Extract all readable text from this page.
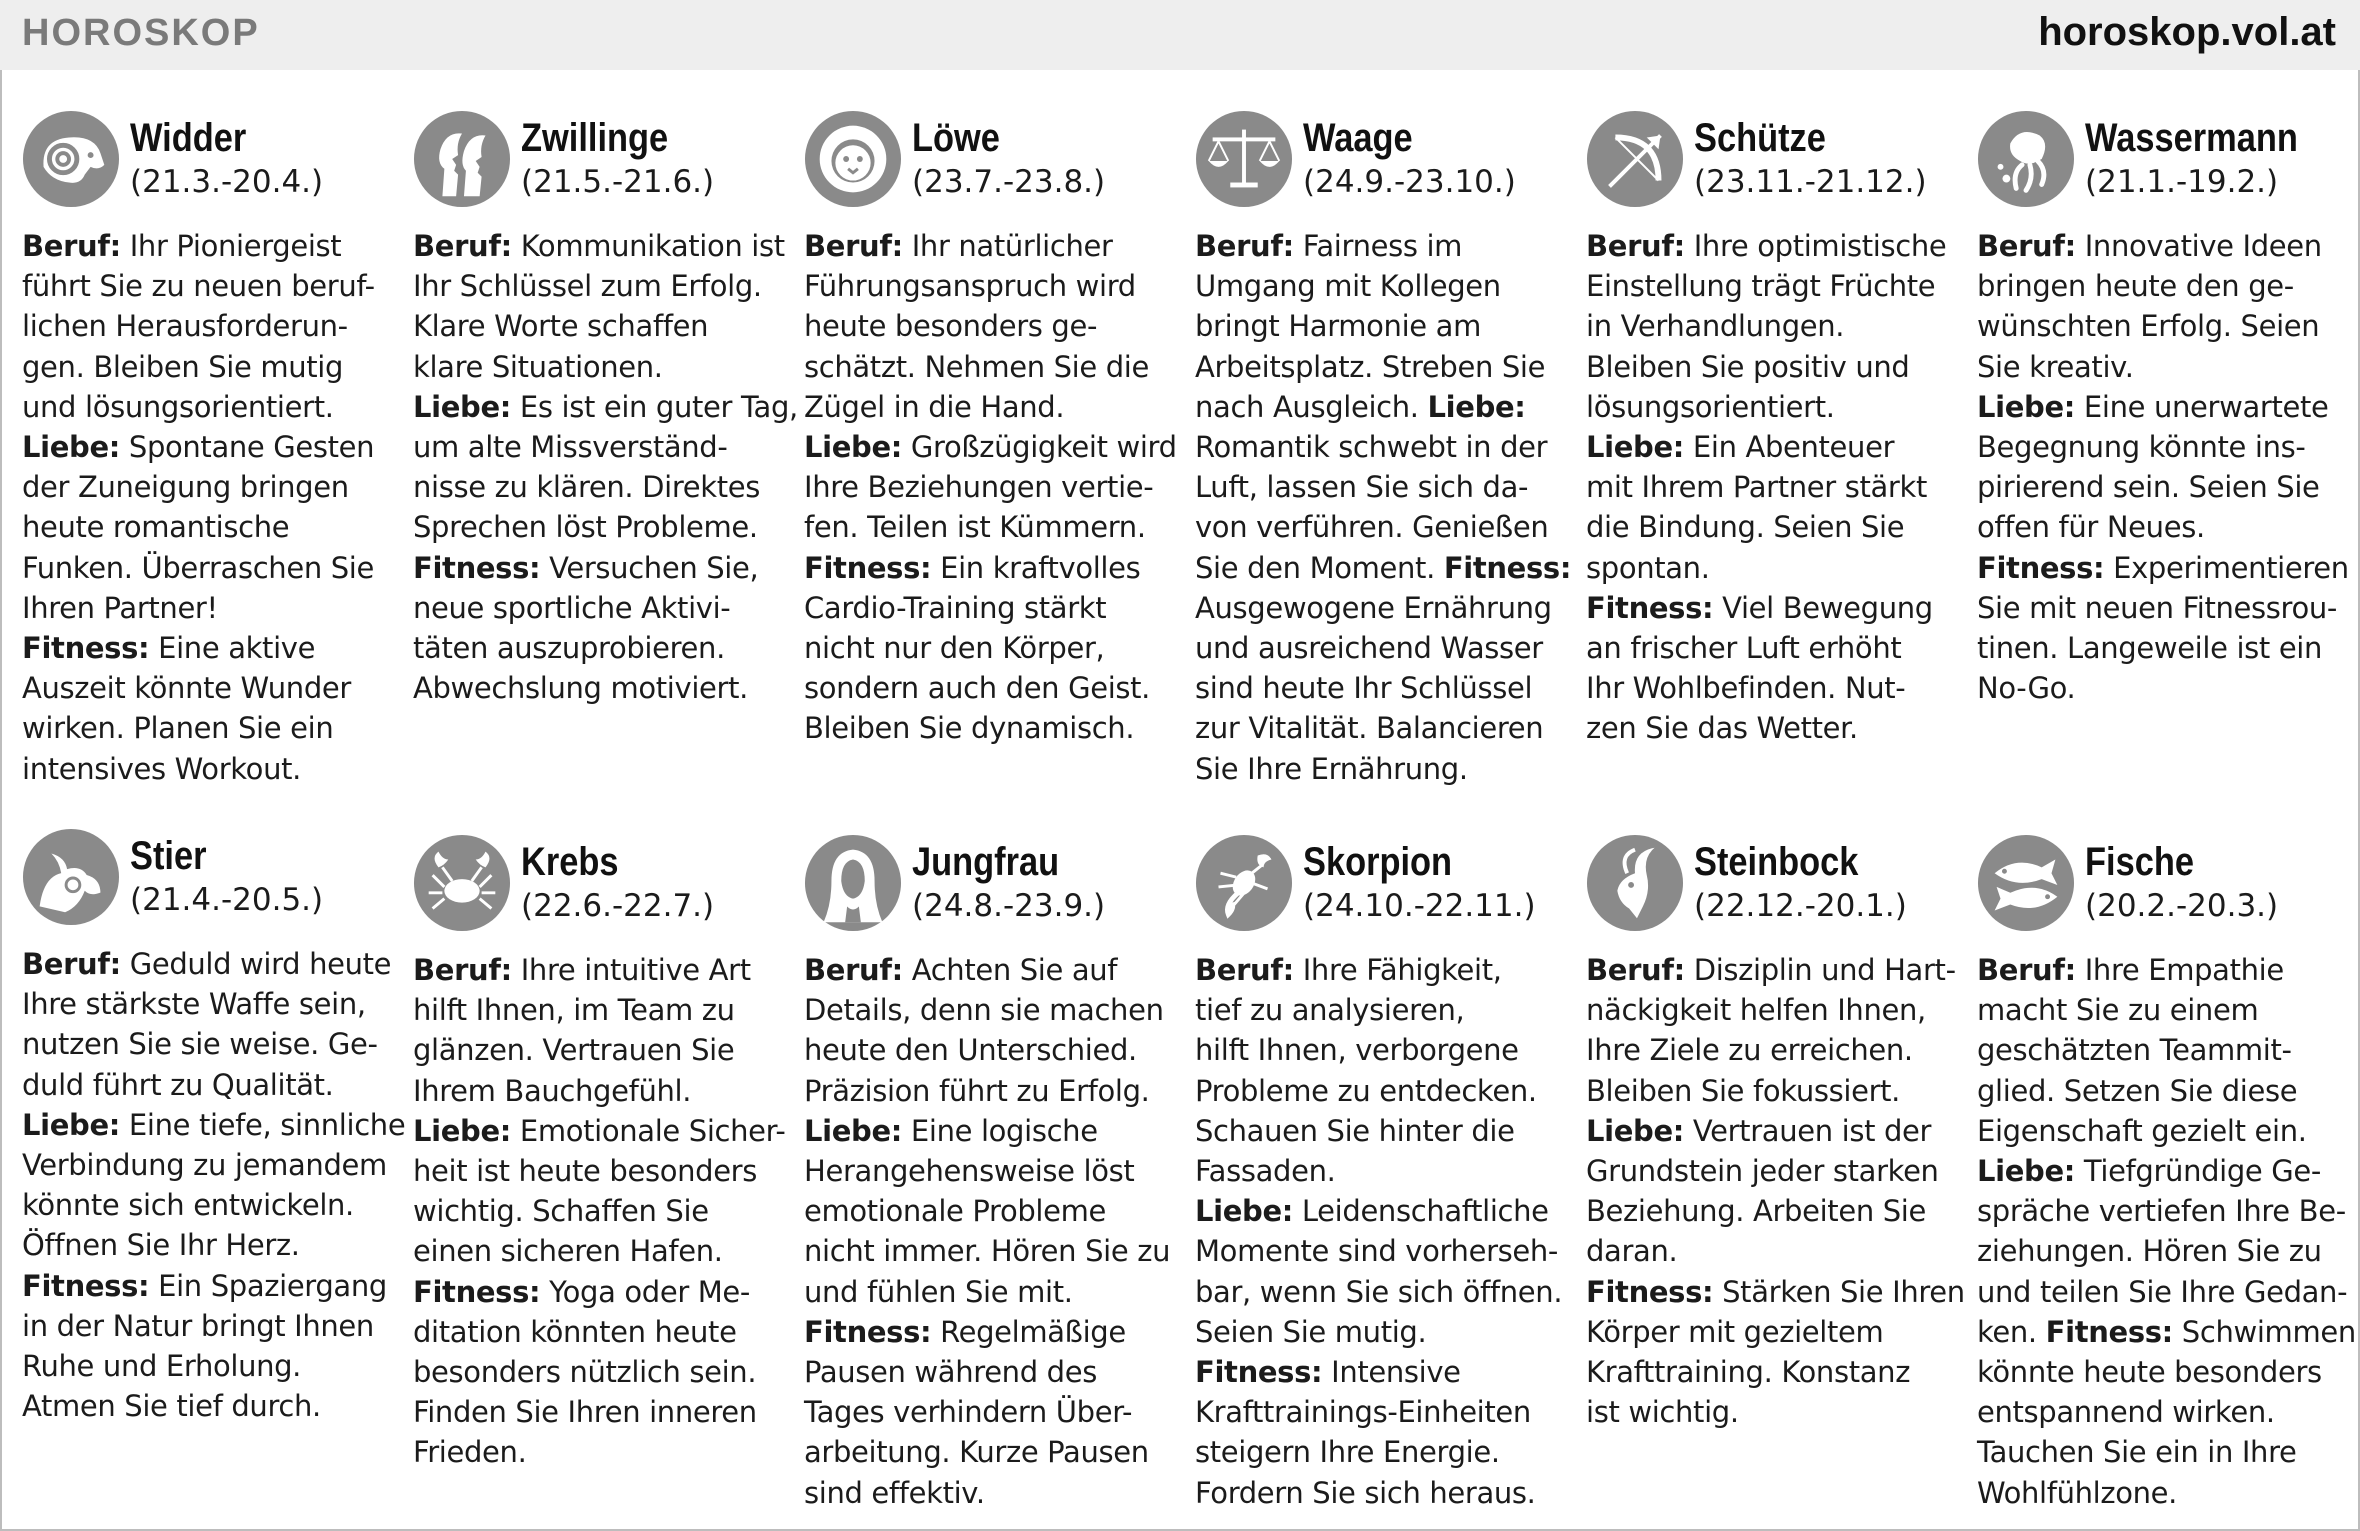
HOROSKOP	horoskop.vol.at
Widder
(21.3.-20.4.)
Beruf: Ihr Pioniergeist
führt Sie zu neuen beruf-
lichen Herausforderun-
gen. Bleiben Sie mutig
und lösungsorientiert.
Liebe: Spontane Gesten
der Zuneigung bringen
heute romantische
Funken. Überraschen Sie
Ihren Partner!
Fitness: Eine aktive
Auszeit könnte Wunder
wirken. Planen Sie ein
intensives Workout.
Zwillinge
(21.5.-21.6.)
Beruf: Kommunikation ist
Ihr Schlüssel zum Erfolg.
Klare Worte schaffen
klare Situationen.
Liebe: Es ist ein guter Tag,
um alte Missverständ-
nisse zu klären. Direktes
Sprechen löst Probleme.
Fitness: Versuchen Sie,
neue sportliche Aktivi-
täten auszuprobieren.
Abwechslung motiviert.
Löwe
(23.7.-23.8.)
Beruf: Ihr natürlicher
Führungsanspruch wird
heute besonders ge-
schätzt. Nehmen Sie die
Zügel in die Hand.
Liebe: Großzügigkeit wird
Ihre Beziehungen vertie-
fen. Teilen ist Kümmern.
Fitness: Ein kraftvolles
Cardio-Training stärkt
nicht nur den Körper,
sondern auch den Geist.
Bleiben Sie dynamisch.
Waage
(24.9.-23.10.)
Beruf: Fairness im
Umgang mit Kollegen
bringt Harmonie am
Arbeitsplatz. Streben Sie
nach Ausgleich. Liebe:
Romantik schwebt in der
Luft, lassen Sie sich da-
von verführen. Genießen
Sie den Moment. Fitness:
Ausgewogene Ernährung
und ausreichend Wasser
sind heute Ihr Schlüssel
zur Vitalität. Balancieren
Sie Ihre Ernährung.
Schütze
(23.11.-21.12.)
Beruf: Ihre optimistische
Einstellung trägt Früchte
in Verhandlungen.
Bleiben Sie positiv und
lösungsorientiert.
Liebe: Ein Abenteuer
mit Ihrem Partner stärkt
die Bindung. Seien Sie
spontan.
Fitness: Viel Bewegung
an frischer Luft erhöht
Ihr Wohlbefinden. Nut-
zen Sie das Wetter.
Wassermann
(21.1.-19.2.)
Beruf: Innovative Ideen
bringen heute den ge-
wünschten Erfolg. Seien
Sie kreativ.
Liebe: Eine unerwartete
Begegnung könnte ins-
pirierend sein. Seien Sie
offen für Neues.
Fitness: Experimentieren
Sie mit neuen Fitnessrou-
tinen. Langeweile ist ein
No-Go.
Stier
(21.4.-20.5.)
Beruf: Geduld wird heute
Ihre stärkste Waffe sein,
nutzen Sie sie weise. Ge-
duld führt zu Qualität.
Liebe: Eine tiefe, sinnliche
Verbindung zu jemandem
könnte sich entwickeln.
Öffnen Sie Ihr Herz.
Fitness: Ein Spaziergang
in der Natur bringt Ihnen
Ruhe und Erholung.
Atmen Sie tief durch.
Krebs
(22.6.-22.7.)
Beruf: Ihre intuitive Art
hilft Ihnen, im Team zu
glänzen. Vertrauen Sie
Ihrem Bauchgefühl.
Liebe: Emotionale Sicher-
heit ist heute besonders
wichtig. Schaffen Sie
einen sicheren Hafen.
Fitness: Yoga oder Me-
ditation könnten heute
besonders nützlich sein.
Finden Sie Ihren inneren
Frieden.
Jungfrau
(24.8.-23.9.)
Beruf: Achten Sie auf
Details, denn sie machen
heute den Unterschied.
Präzision führt zu Erfolg.
Liebe: Eine logische
Herangehensweise löst
emotionale Probleme
nicht immer. Hören Sie zu
und fühlen Sie mit.
Fitness: Regelmäßige
Pausen während des
Tages verhindern Über-
arbeitung. Kurze Pausen
sind effektiv.
Skorpion
(24.10.-22.11.)
Beruf: Ihre Fähigkeit,
tief zu analysieren,
hilft Ihnen, verborgene
Probleme zu entdecken.
Schauen Sie hinter die
Fassaden.
Liebe: Leidenschaftliche
Momente sind vorherseh-
bar, wenn Sie sich öffnen.
Seien Sie mutig.
Fitness: Intensive
Krafttrainings-Einheiten
steigern Ihre Energie.
Fordern Sie sich heraus.
Steinbock
(22.12.-20.1.)
Beruf: Disziplin und Hart-
näckigkeit helfen Ihnen,
Ihre Ziele zu erreichen.
Bleiben Sie fokussiert.
Liebe: Vertrauen ist der
Grundstein jeder starken
Beziehung. Arbeiten Sie
daran.
Fitness: Stärken Sie Ihren
Körper mit gezieltem
Krafttraining. Konstanz
ist wichtig.
Fische
(20.2.-20.3.)
Beruf: Ihre Empathie
macht Sie zu einem
geschätzten Teammit-
glied. Setzen Sie diese
Eigenschaft gezielt ein.
Liebe: Tiefgründige Ge-
spräche vertiefen Ihre Be-
ziehungen. Hören Sie zu
und teilen Sie Ihre Gedan-
ken. Fitness: Schwimmen
könnte heute besonders
entspannend wirken.
Tauchen Sie ein in Ihre
Wohlfühlzone.
